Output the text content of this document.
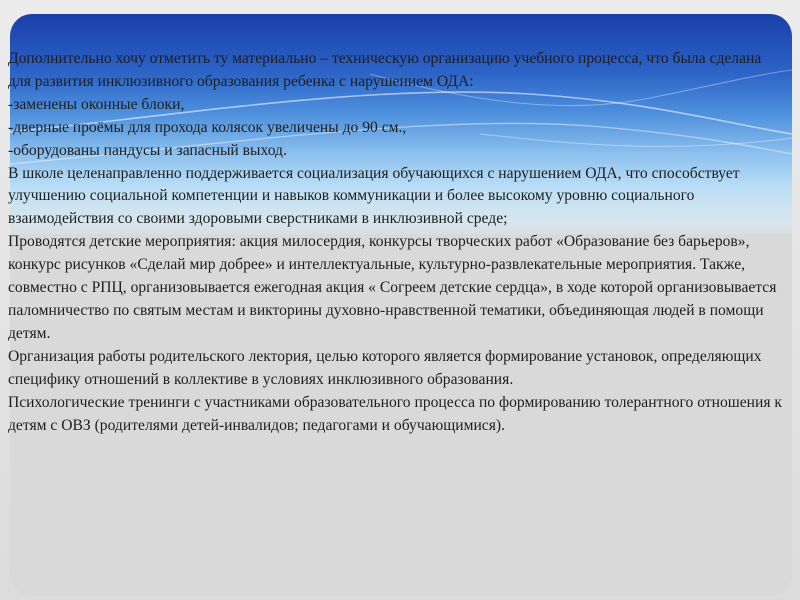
Дополнительно хочу отметить ту материально – техническую организацию учебного процесса, что была сделана для развития инклюзивного образования ребенка с нарушением ОДА:

-заменены оконные блоки,

-дверные проёмы для прохода колясок увеличены до 90 см.,

-оборудованы пандусы и запасный выход.

В школе целенаправленно поддерживается социализация обучающихся с нарушением ОДА, что способствует улучшению социальной компетенции и навыков коммуникации и более высокому уровню социального взаимодействия со своими здоровыми сверстниками в инклюзивной среде;

Проводятся детские мероприятия: акция милосердия, конкурсы творческих работ «Образование без барьеров», конкурс рисунков «Сделай мир добрее» и интеллектуальные, культурно-развлекательные мероприятия. Также, совместно с РПЦ, организовывается ежегодная акция « Согреем детские сердца», в ходе которой организовывается паломничество по святым местам и викторины духовно-нравственной тематики, объединяющая людей в помощи детям.

Организация работы родительского лектория, целью которого является формирование установок, определяющих специфику отношений в коллективе в условиях инклюзивного образования.

Психологические тренинги с участниками образовательного процесса по формированию толерантного отношения к детям с ОВЗ (родителями детей-инвалидов; педагогами и обучающимися).
